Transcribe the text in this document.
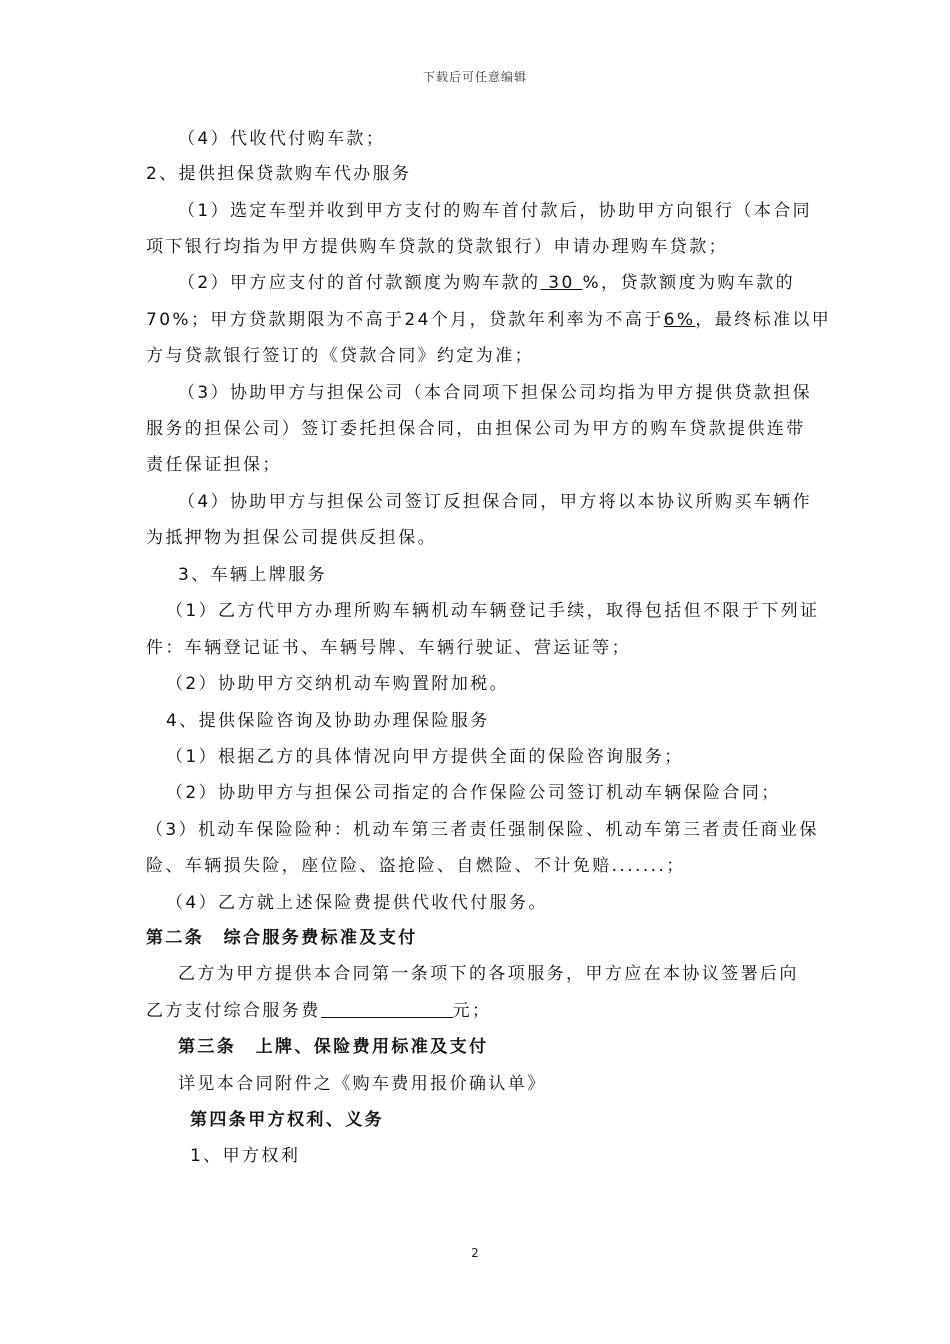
下载后可任意编辑
（4）代收代付购车款；
2、提供担保贷款购车代办服务
（1）选定车型并收到甲方支付的购车首付款后，协助甲方向银行（本合同
项下银行均指为甲方提供购车贷款的贷款银行）申请办理购车贷款；
（2）甲方应支付的首付款额度为购车款的 30 %，贷款额度为购车款的
70%；甲方贷款期限为不高于24个月，贷款年利率为不高于6%，最终标准以甲
方与贷款银行签订的《贷款合同》约定为准；
（3）协助甲方与担保公司（本合同项下担保公司均指为甲方提供贷款担保
服务的担保公司）签订委托担保合同，由担保公司为甲方的购车贷款提供连带
责任保证担保；
（4）协助甲方与担保公司签订反担保合同，甲方将以本协议所购买车辆作
为抵押物为担保公司提供反担保。
3、车辆上牌服务
（1）乙方代甲方办理所购车辆机动车辆登记手续，取得包括但不限于下列证
件：车辆登记证书、车辆号牌、车辆行驶证、营运证等；
（2）协助甲方交纳机动车购置附加税。
4、提供保险咨询及协助办理保险服务
（1）根据乙方的具体情况向甲方提供全面的保险咨询服务；
（2）协助甲方与担保公司指定的合作保险公司签订机动车辆保险合同；
（3）机动车保险险种：机动车第三者责任强制保险、机动车第三者责任商业保
险、车辆损失险，座位险、盗抢险、自燃险、不计免赔.......；
（4）乙方就上述保险费提供代收代付服务。
第二条　综合服务费标准及支付
乙方为甲方提供本合同第一条项下的各项服务，甲方应在本协议签署后向
乙方支付综合服务费	元；
第三条　上牌、保险费用标准及支付
详见本合同附件之《购车费用报价确认单》
第四条甲方权利、义务
1、甲方权利
2
